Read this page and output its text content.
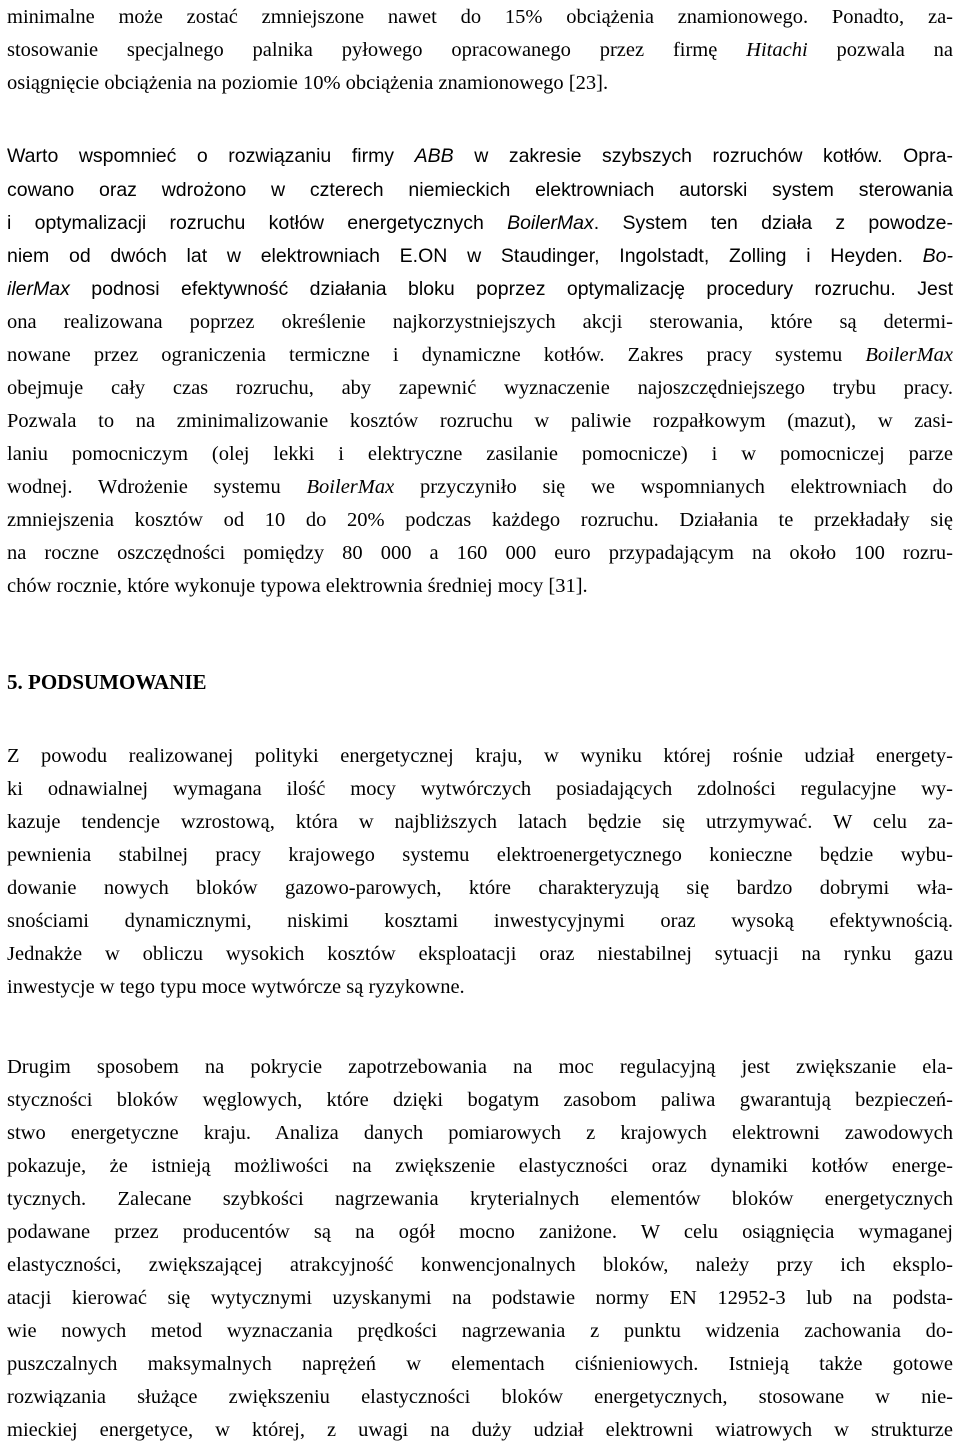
minimalne może zostać zmniejszone nawet do 15% obciążenia znamionowego. Ponadto, za-
stosowanie specjalnego palnika pyłowego opracowanego przez firmę Hitachi pozwala na
osiągnięcie obciążenia na poziomie 10% obciążenia znamionowego [23].
Warto wspomnieć o rozwiązaniu firmy ABB w zakresie szybszych rozruchów kotłów. Opra-
cowano oraz wdrożono w czterech niemieckich elektrowniach autorski system sterowania
i optymalizacji rozruchu kotłów energetycznych BoilerMax. System ten działa z powodze-
niem od dwóch lat w elektrowniach E.ON w Staudinger, Ingolstadt, Zolling i Heyden. Bo-
ilerMax podnosi efektywność działania bloku poprzez optymalizację procedury rozruchu. Jest
ona realizowana poprzez określenie najkorzystniejszych akcji sterowania, które są determi-
nowane przez ograniczenia termiczne i dynamiczne kotłów. Zakres pracy systemu BoilerMax
obejmuje cały czas rozruchu, aby zapewnić wyznaczenie najoszczędniejszego trybu pracy.
Pozwala to na zminimalizowanie kosztów rozruchu w paliwie rozpałkowym (mazut), w zasi-
laniu pomocniczym (olej lekki i elektryczne zasilanie pomocnicze) i w pomocniczej parze
wodnej. Wdrożenie systemu BoilerMax przyczyniło się we wspomnianych elektrowniach do
zmniejszenia kosztów od 10 do 20% podczas każdego rozruchu. Działania te przekładały się
na roczne oszczędności pomiędzy 80 000 a 160 000 euro przypadającym na około 100 rozru-
chów rocznie, które wykonuje typowa elektrownia średniej mocy [31].
5. PODSUMOWANIE
Z powodu realizowanej polityki energetycznej kraju, w wyniku której rośnie udział energety-
ki odnawialnej wymagana ilość mocy wytwórczych posiadających zdolności regulacyjne wy-
kazuje tendencje wzrostową, która w najbliższych latach będzie się utrzymywać. W celu za-
pewnienia stabilnej pracy krajowego systemu elektroenergetycznego konieczne będzie wybu-
dowanie nowych bloków gazowo-parowych, które charakteryzują się bardzo dobrymi wła-
snościami dynamicznymi, niskimi kosztami inwestycyjnymi oraz wysoką efektywnością.
Jednakże w obliczu wysokich kosztów eksploatacji oraz niestabilnej sytuacji na rynku gazu
inwestycje w tego typu moce wytwórcze są ryzykowne.
Drugim sposobem na pokrycie zapotrzebowania na moc regulacyjną jest zwiększanie ela-
styczności bloków węglowych, które dzięki bogatym zasobom paliwa gwarantują bezpieczeń-
stwo energetyczne kraju. Analiza danych pomiarowych z krajowych elektrowni zawodowych
pokazuje, że istnieją możliwości na zwiększenie elastyczności oraz dynamiki kotłów energe-
tycznych. Zalecane szybkości nagrzewania kryterialnych elementów bloków energetycznych
podawane przez producentów są na ogół mocno zaniżone. W celu osiągnięcia wymaganej
elastyczności, zwiększającej atrakcyjność konwencjonalnych bloków, należy przy ich eksplo-
atacji kierować się wytycznymi uzyskanymi na podstawie normy EN 12952-3 lub na podsta-
wie nowych metod wyznaczania prędkości nagrzewania z punktu widzenia zachowania do-
puszczalnych maksymalnych naprężeń w elementach ciśnieniowych. Istnieją także gotowe
rozwiązania służące zwiększeniu elastyczności bloków energetycznych, stosowane w nie-
mieckiej energetyce, w której, z uwagi na duży udział elektrowni wiatrowych w strukturze
